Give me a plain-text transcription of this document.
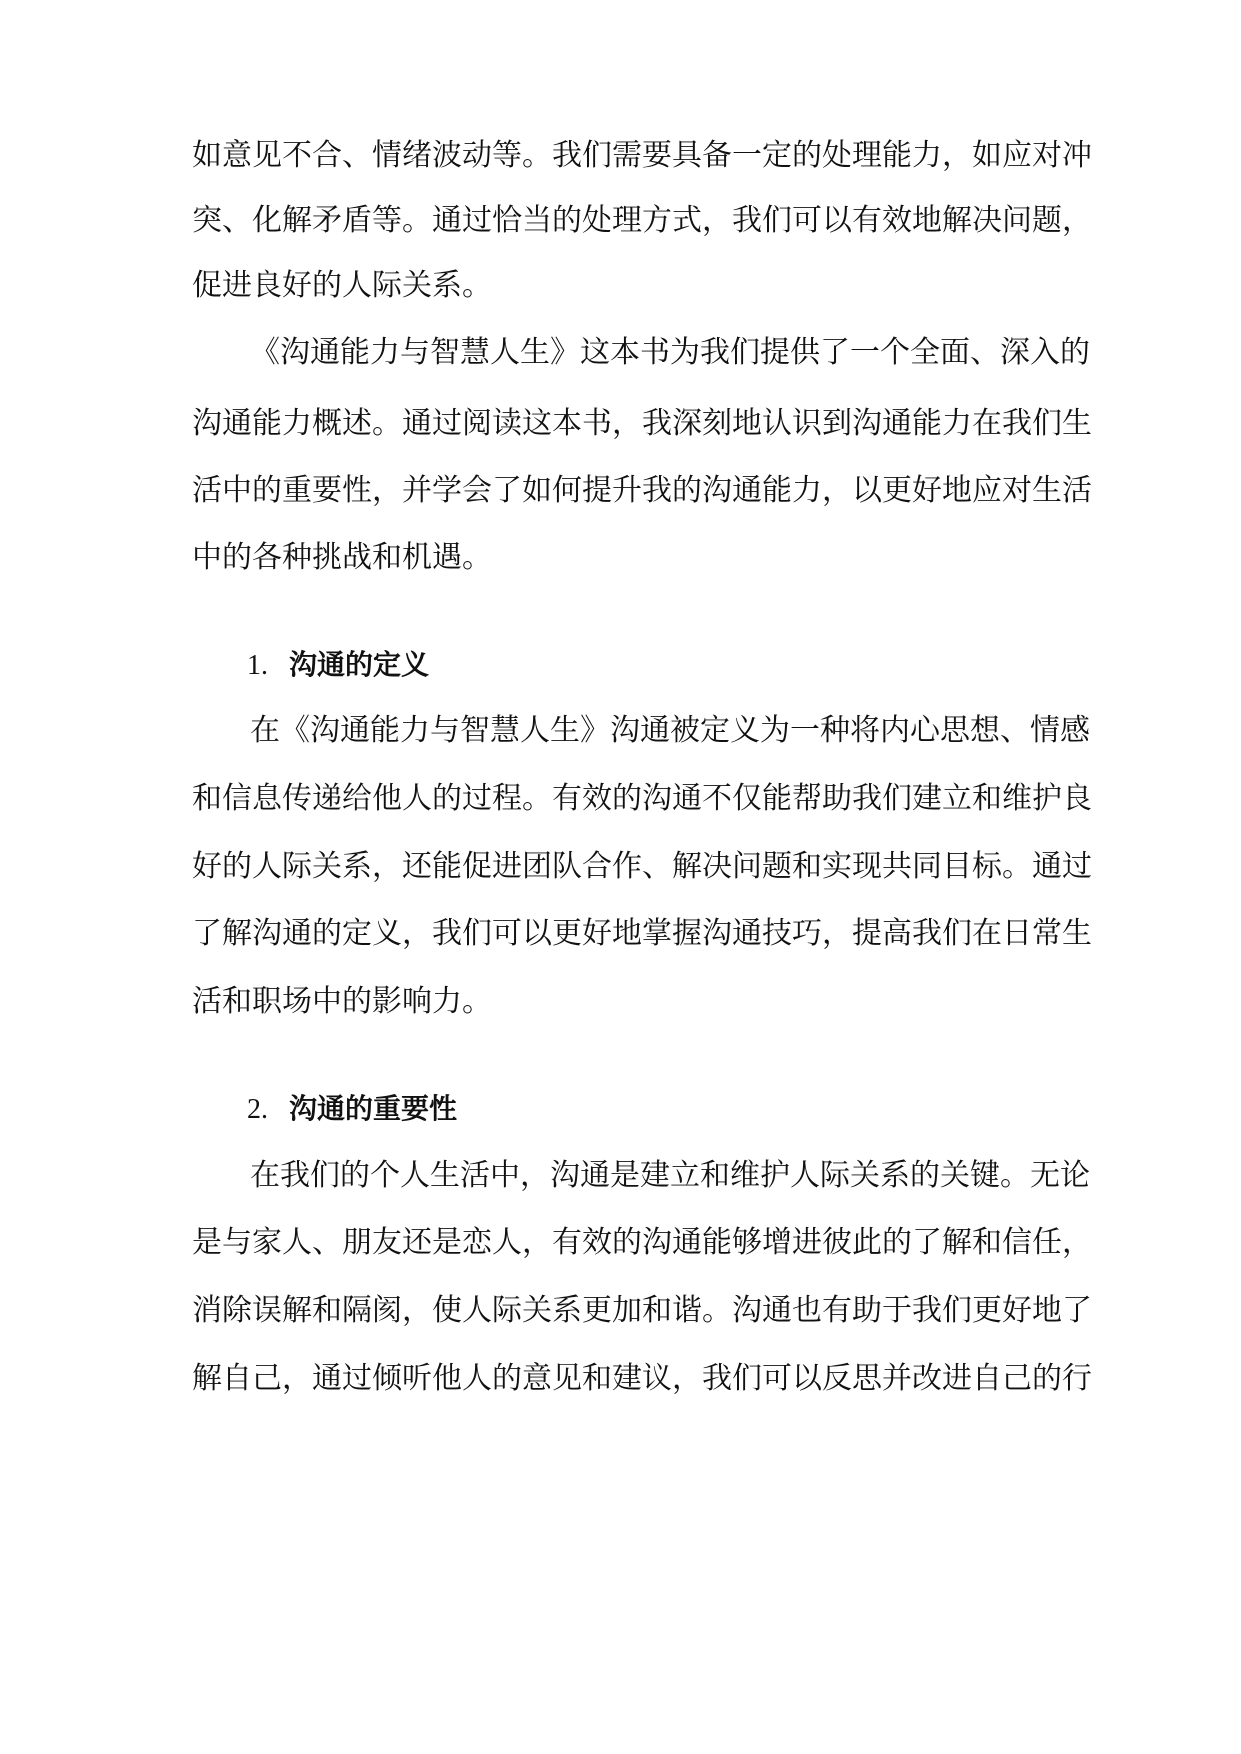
如意见不合、情绪波动等。我们需要具备一定的处理能力，如应对冲
突、化解矛盾等。通过恰当的处理方式，我们可以有效地解决问题，
促进良好的人际关系。
《沟通能力与智慧人生》这本书为我们提供了一个全面、深入的
沟通能力概述。通过阅读这本书，我深刻地认识到沟通能力在我们生
活中的重要性，并学会了如何提升我的沟通能力，以更好地应对生活
中的各种挑战和机遇。
1. 沟通的定义
在《沟通能力与智慧人生》沟通被定义为一种将内心思想、情感
和信息传递给他人的过程。有效的沟通不仅能帮助我们建立和维护良
好的人际关系，还能促进团队合作、解决问题和实现共同目标。通过
了解沟通的定义，我们可以更好地掌握沟通技巧，提高我们在日常生
活和职场中的影响力。
2. 沟通的重要性
在我们的个人生活中，沟通是建立和维护人际关系的关键。无论
是与家人、朋友还是恋人，有效的沟通能够增进彼此的了解和信任，
消除误解和隔阂，使人际关系更加和谐。沟通也有助于我们更好地了
解自己，通过倾听他人的意见和建议，我们可以反思并改进自己的行
